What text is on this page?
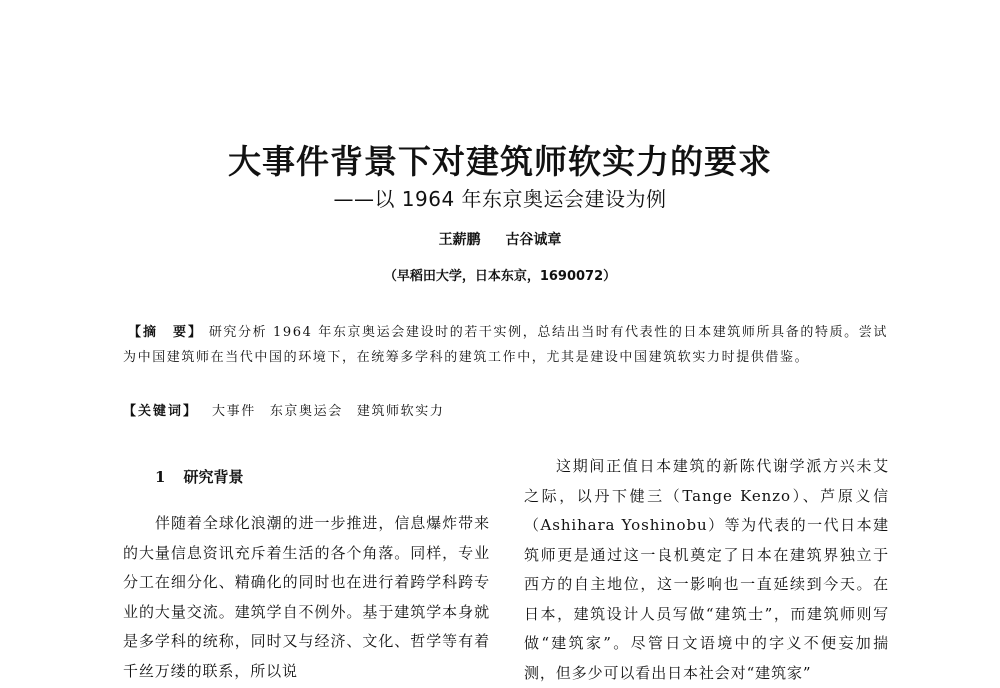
大事件背景下对建筑师软实力的要求
——以 1964 年东京奥运会建设为例
王薪鹏 古谷诚章
（早稻田大学，日本东京，1690072）

【摘　要】 研究分析 1964 年东京奥运会建设时的若干实例，总结出当时有代表性的日本建筑师所具备的特质。尝试为中国建筑师在当代中国的环境下，在统筹多学科的建筑工作中，尤其是建设中国建筑软实力时提供借鉴。

【关键词】 大事件 东京奥运会 建筑师软实力

1 研究背景

伴随着全球化浪潮的进一步推进，信息爆炸带来的大量信息资讯充斥着生活的各个角落。同样，专业分工在细分化、精确化的同时也在进行着跨学科跨专业的大量交流。建筑学自不例外。基于建筑学本身就是多学科的统称，同时又与经济、文化、哲学等有着千丝万缕的联系，所以说

这期间正值日本建筑的新陈代谢学派方兴未艾之际，以丹下健三（Tange Kenzo）、芦原义信（Ashihara Yoshinobu）等为代表的一代日本建筑师更是通过这一良机奠定了日本在建筑界独立于西方的自主地位，这一影响也一直延续到今天。在日本，建筑设计人员写做“建筑士”，而建筑师则写做“建筑家”。尽管日文语境中的字义不便妄加揣测，但多少可以看出日本社会对“建筑家”
